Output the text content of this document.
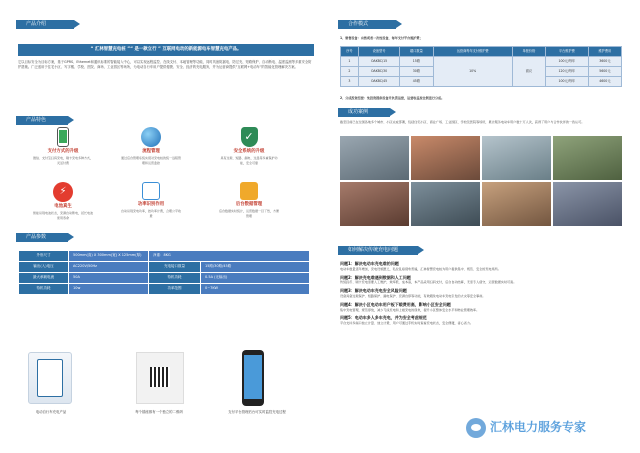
产品介绍
“ 汇林智慧充电桩 ”“ 是一款立行 ” 互联网电动的新能源电车智慧充电产品。
它以目标安全为目标方案，基于GPRS、Ethernet和通讯标准的智能接入中心，可以实现远程监控、在线支付、本地管理等功能，同时具备防漏电、防过充、短路保护、自动断电、温度监测等多重安全防护措施。广泛适用于住宅小区、写字楼、学校、医院、商场、工业园区等场所，为电动自行车用户提供便捷、安全、经济的充电服务，并为运营商提供“互联网+电动车”的智能化管理解决方案。
产品特色
支付方式的升级
微信、支付宝扫码充电，刷卡充电多种方式，灵活付费
流程管理
通过后台管理系统实现对充电桩的统一远程管理和运营监控
✓
安全系统的升级
具有过载、短路、漏电、过温等多重保护功能，安全可靠
⚡
电池真生
智能识别电池状态，充满自动断电，延长电池使用寿命
功率识别作用
自动识别充电功率，按功率计费，合理公平收费
后台数据管理
后台数据实时统计，运营数据一目了然，方便管理
产品参数
外形尺寸	500mm(高) X 300mm(宽) X 125mm(厚)	净重：8KG	
输出(入)电压	AC220V/50Hz	充电接口数量	15路/30路/45路
最大承载电流	50A	待机功耗	0.5A (无输出)
待机功耗	10w	功率范围	0~7KW
电动自行车充电产品	每个插座都有一个独立的二维码	支付平台管理后台可实时监控充电过程
合作模式
1、销售设备：出售或者一次性设备，每年支付平台维护费；
序号	设备型号	端口数量	运营商每年支付维护费	单桩价格	平台维护费	维护费用
1	OAKBC/15	15路	10%	面议	100元/每年	3600元
2	OAKBC/30	30路			120元/每年	5600元
3	OAKBC/45	45路			100元/每年	4600元
2、分成投资经营：免投资提供设备并负责运营，运营收益按比例进行分成。
成功案例
截至目前已在全国各地多个城市、小区完成部署，包括住宅小区、商业广场、工业园区、学校及医院等场所，累计服务电动车用户数十万人次，获得了用户与合作伙伴的一致认可。
如何解决传统充电问题
问题1：解决电动车充电难的问题
电动车数量逐年增加，充电设施匮乏，私拉乱接现象普遍，汇林智慧充电桩为用户提供集中、规范、安全的充电场所。
问题2：解决充电难遇到数据和人工问题
传统投币、刷卡充电需要人工维护，效率低、成本高，本产品采用扫码支付，后台自动结算，无需专人值守，运营数据实时可查。
问题3：解决电动车充电安全风险问题
设备具备过载保护、短路保护、漏电保护、充满自停等功能，有效避免电动车充电引发的火灾等安全事故。
问题4：解决小区电动车用户板下载费用高，影响小区安全问题
集中充电管理，规范停放，减少飞线充电和上楼充电的现象，提升小区整体安全水平和物业管理效率。
问题5：电动车多人多车充电，并为安全考虑规范
平台支持多端口独立计量、独立计费，用户可通过手机实时查看充电状态，安全便捷，省心省力。
汇林电力服务专家
